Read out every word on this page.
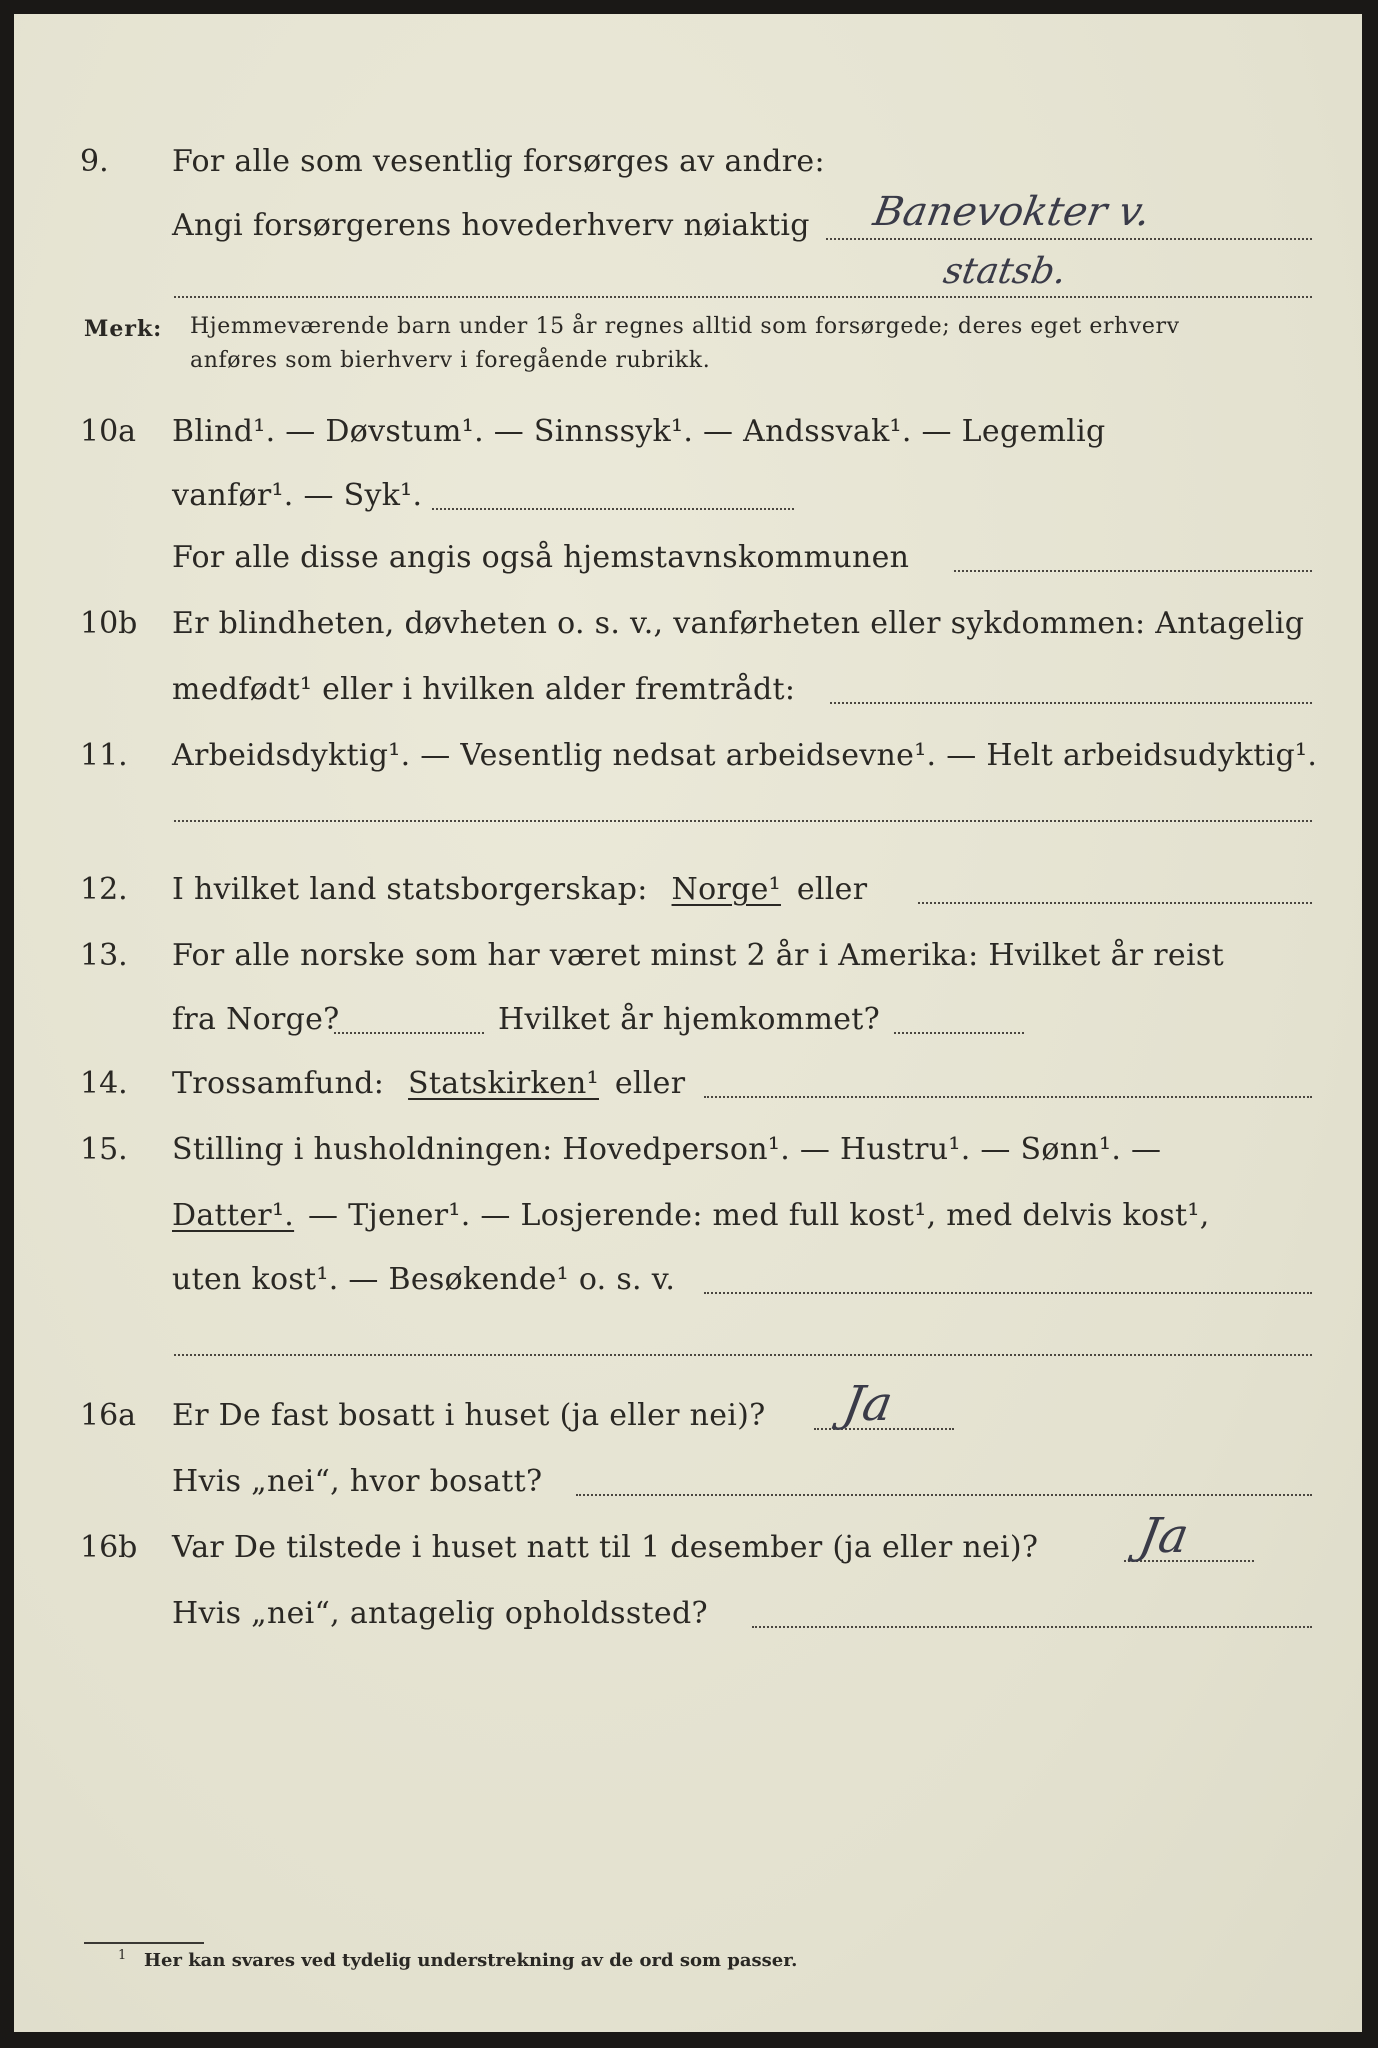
9. For alle som vesentlig forsørges av andre:
Angi forsørgerens hovederhverv nøiaktig Banevokter v.
statsb.
Merk: Hjemmeværende barn under 15 år regnes alltid som forsørgede; deres eget erhverv
anføres som bierhverv i foregående rubrikk.
10a Blind¹. — Døvstum¹. — Sinnssyk¹. — Andssvak¹. — Legemlig
vanfør¹. — Syk¹.
For alle disse angis også hjemstavnskommunen
10b Er blindheten, døvheten o. s. v., vanførheten eller sykdommen: Antagelig
medfødt¹ eller i hvilken alder fremtrådt:
11. Arbeidsdyktig¹. — Vesentlig nedsat arbeidsevne¹. — Helt arbeidsudyktig¹.
12. I hvilket land statsborgerskap: Norge¹ eller
13. For alle norske som har været minst 2 år i Amerika: Hvilket år reist
fra Norge?	Hvilket år hjemkommet?
14. Trossamfund: Statskirken¹ eller
15. Stilling i husholdningen: Hovedperson¹. — Hustru¹. — Sønn¹. —
Datter¹. — Tjener¹. — Losjerende: med full kost¹, med delvis kost¹,
uten kost¹. — Besøkende¹ o. s. v.
16a Er De fast bosatt i huset (ja eller nei)? Ja
Hvis „nei“, hvor bosatt?
16b Var De tilstede i huset natt til 1 desember (ja eller nei)? Ja
Hvis „nei“, antagelig opholdssted?
1 Her kan svares ved tydelig understrekning av de ord som passer.
